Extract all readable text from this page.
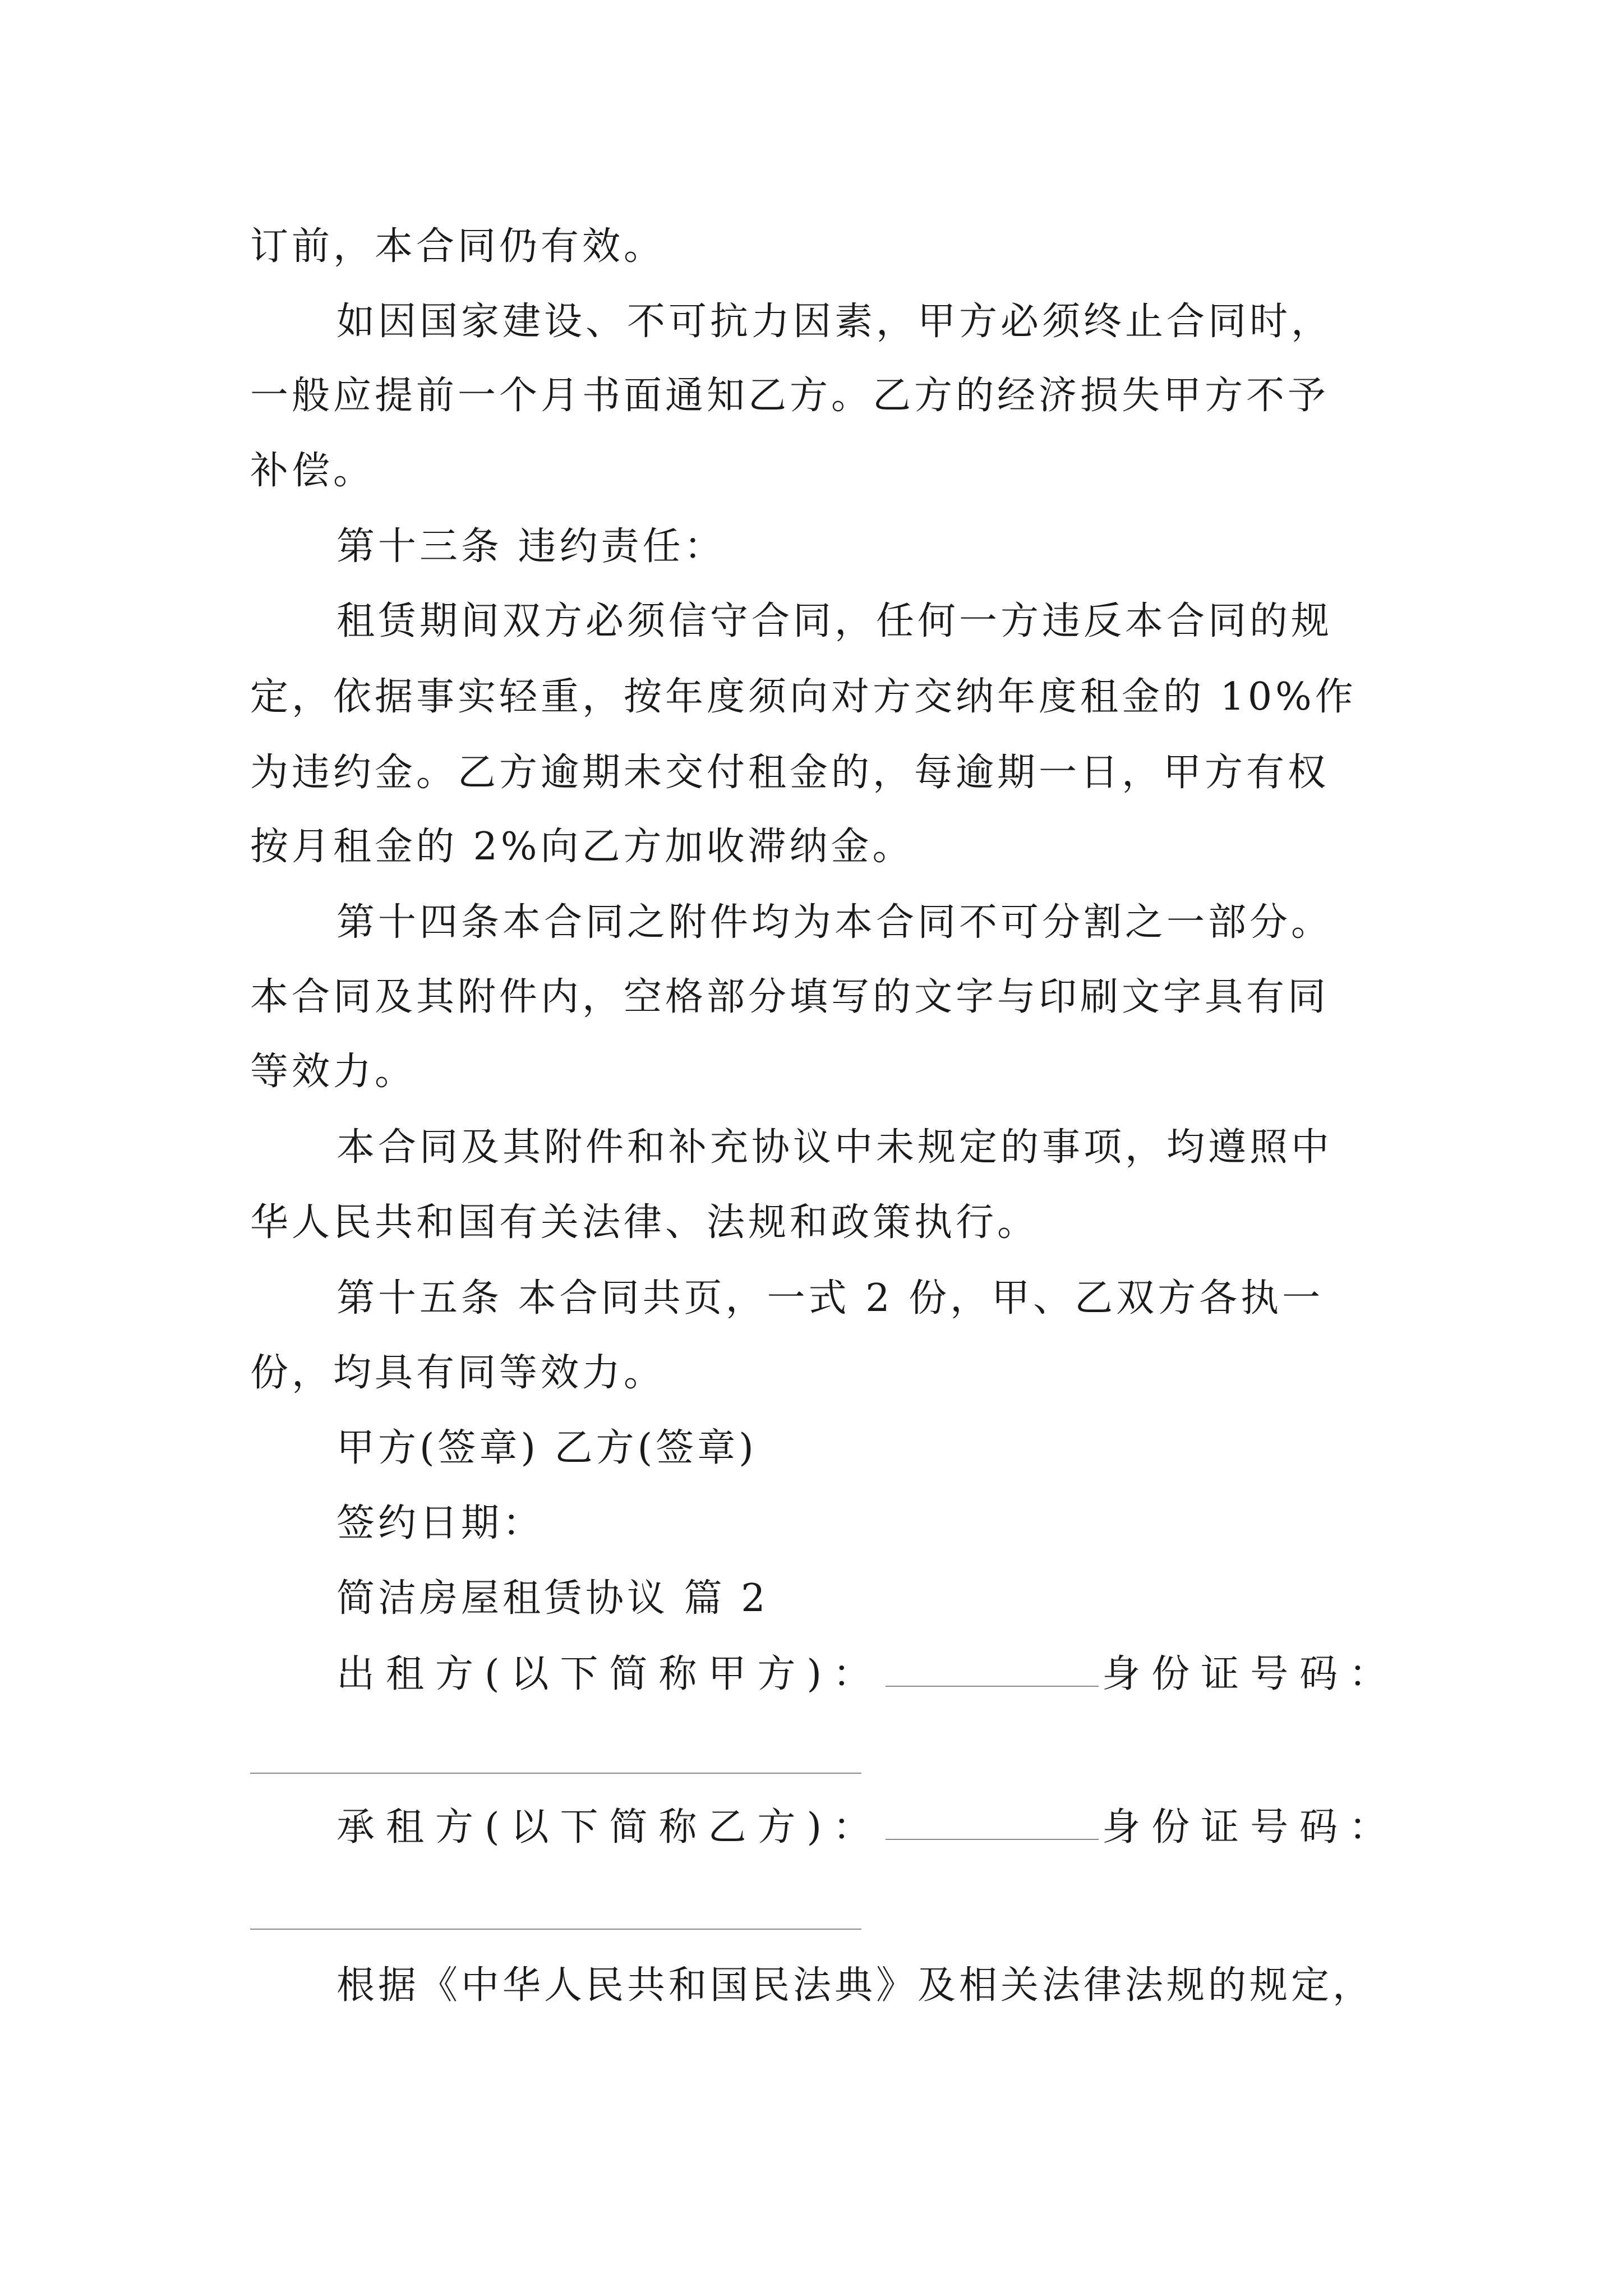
订前，本合同仍有效。
如因国家建设、不可抗力因素，甲方必须终止合同时，
一般应提前一个月书面通知乙方。乙方的经济损失甲方不予
补偿。
第十三条 违约责任：
租赁期间双方必须信守合同，任何一方违反本合同的规
定，依据事实轻重，按年度须向对方交纳年度租金的 10%作
为违约金。乙方逾期未交付租金的，每逾期一日，甲方有权
按月租金的 2%向乙方加收滞纳金。
第十四条本合同之附件均为本合同不可分割之一部分。
本合同及其附件内，空格部分填写的文字与印刷文字具有同
等效力。
本合同及其附件和补充协议中未规定的事项，均遵照中
华人民共和国有关法律、法规和政策执行。
第十五条 本合同共页，一式 2 份，甲、乙双方各执一
份，均具有同等效力。
甲方(签章) 乙方(签章)
签约日期：
简洁房屋租赁协议 篇 2
出租方(以下简称甲方)：	身份证号码：
承租方(以下简称乙方)：	身份证号码：
根据《中华人民共和国民法典》及相关法律法规的规定，
